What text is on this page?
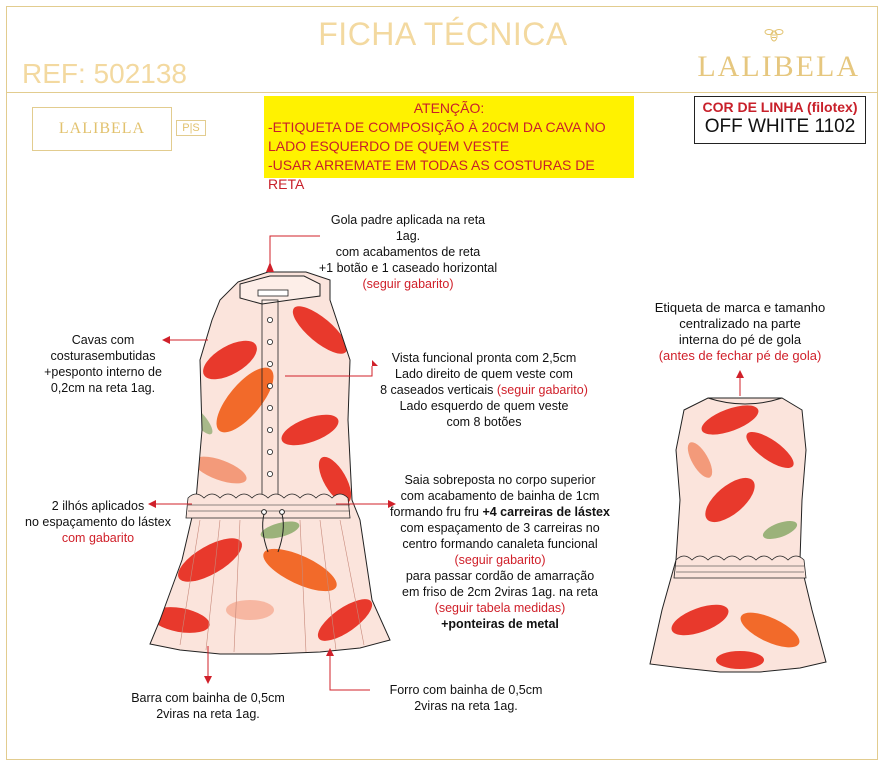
FICHA TÉCNICA
REF: 502138	LALIBELA
LALIBELA	P|S
ATENÇÃO:
-ETIQUETA DE COMPOSIÇÃO À 20CM DA CAVA NO
LADO ESQUERDO DE QUEM VESTE
-USAR ARREMATE EM TODAS AS COSTURAS DE RETA
COR DE LINHA (filotex)
OFF WHITE 1102
Gola padre aplicada na reta 1ag.
com acabamentos de reta
+1 botão e 1 caseado horizontal
(seguir gabarito)
Cavas com
costurasembutidas
+pesponto interno de
0,2cm na reta 1ag.
Vista funcional pronta com 2,5cm
Lado direito de quem veste com
8 caseados verticais (seguir gabarito)
Lado esquerdo de quem veste
com 8 botões
2 ilhós aplicados
no espaçamento do lástex
com gabarito
Saia sobreposta no corpo superior
com acabamento de bainha de 1cm
formando fru fru +4 carreiras de lástex
com espaçamento de 3 carreiras no
centro formando canaleta funcional
(seguir gabarito)
para passar cordão de amarração
em friso de 2cm 2viras 1ag. na reta
(seguir tabela medidas)
+ponteiras de metal
Barra com bainha de 0,5cm
2viras na reta 1ag.
Forro com bainha de 0,5cm
2viras na reta 1ag.
Etiqueta de marca e tamanho
centralizado na parte
interna do pé de gola
(antes de fechar pé de gola)
